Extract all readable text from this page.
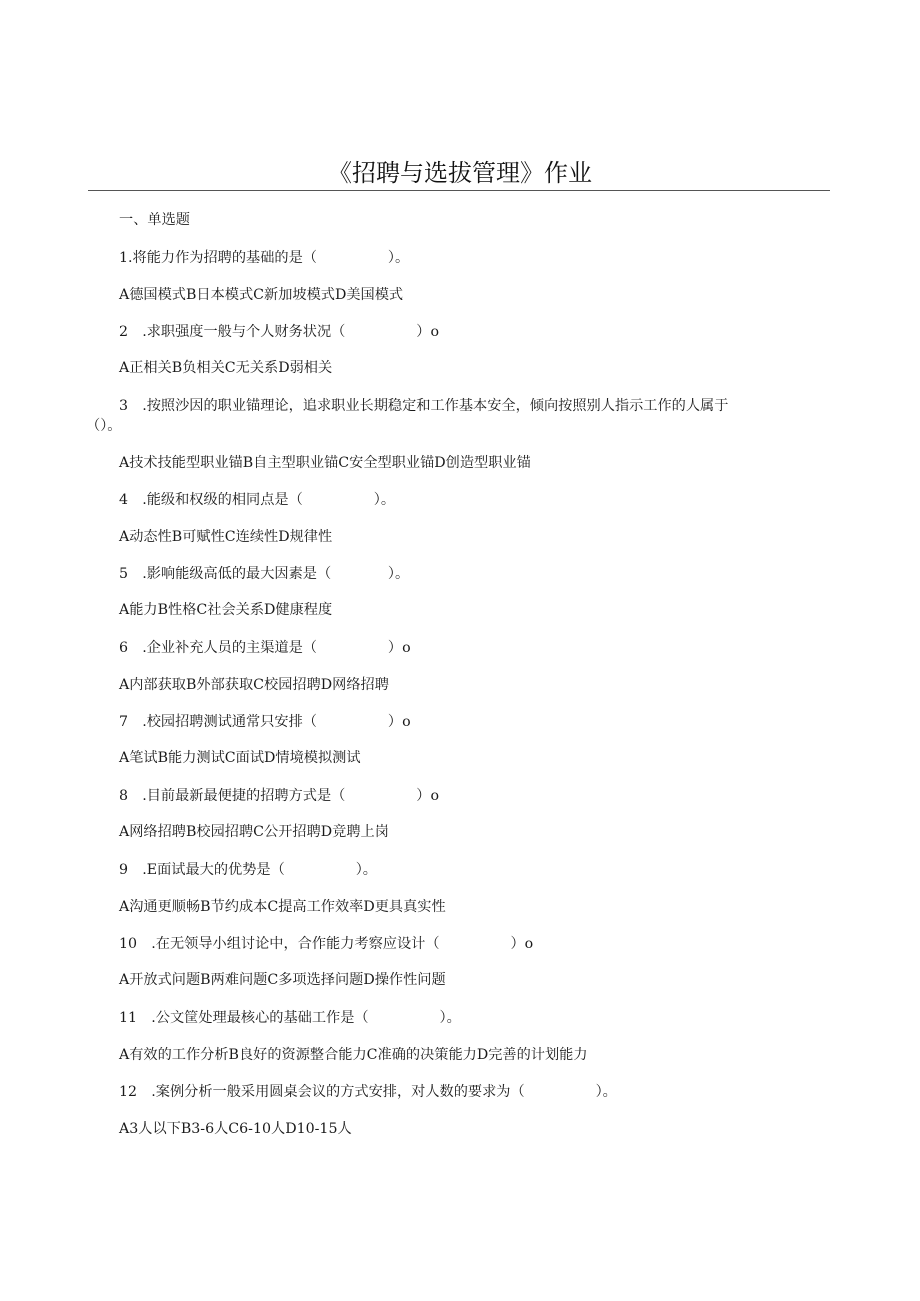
《招聘与选拔管理》作业
一、单选题
1.将能力作为招聘的基础的是（　　　　　）。
A德国模式B日本模式C新加坡模式D美国模式
2　.求职强度一般与个人财务状况（　　　　　）o
A正相关B负相关C无关系D弱相关
3　.按照沙因的职业锚理论，追求职业长期稳定和工作基本安全，倾向按照别人指示工作的人属于
（）。
A技术技能型职业锚B自主型职业锚C安全型职业锚D创造型职业锚
4　.能级和权级的相同点是（　　　　　）。
A动态性B可赋性C连续性D规律性
5　.影响能级高低的最大因素是（　　　　）。
A能力B性格C社会关系D健康程度
6　.企业补充人员的主渠道是（　　　　　）o
A内部获取B外部获取C校园招聘D网络招聘
7　.校园招聘测试通常只安排（　　　　　）o
A笔试B能力测试C面试D情境模拟测试
8　.目前最新最便捷的招聘方式是（　　　　　）o
A网络招聘B校园招聘C公开招聘D竞聘上岗
9　.E面试最大的优势是（　　　　　）。
A沟通更顺畅B节约成本C提高工作效率D更具真实性
10　.在无领导小组讨论中，合作能力考察应设计（　　　　　）o
A开放式问题B两难问题C多项选择问题D操作性问题
11　.公文筐处理最核心的基础工作是（　　　　　）。
A有效的工作分析B良好的资源整合能力C准确的决策能力D完善的计划能力
12　.案例分析一般采用圆桌会议的方式安排，对人数的要求为（　　　　　）。
A3人以下B3-6人C6-10人D10-15人
